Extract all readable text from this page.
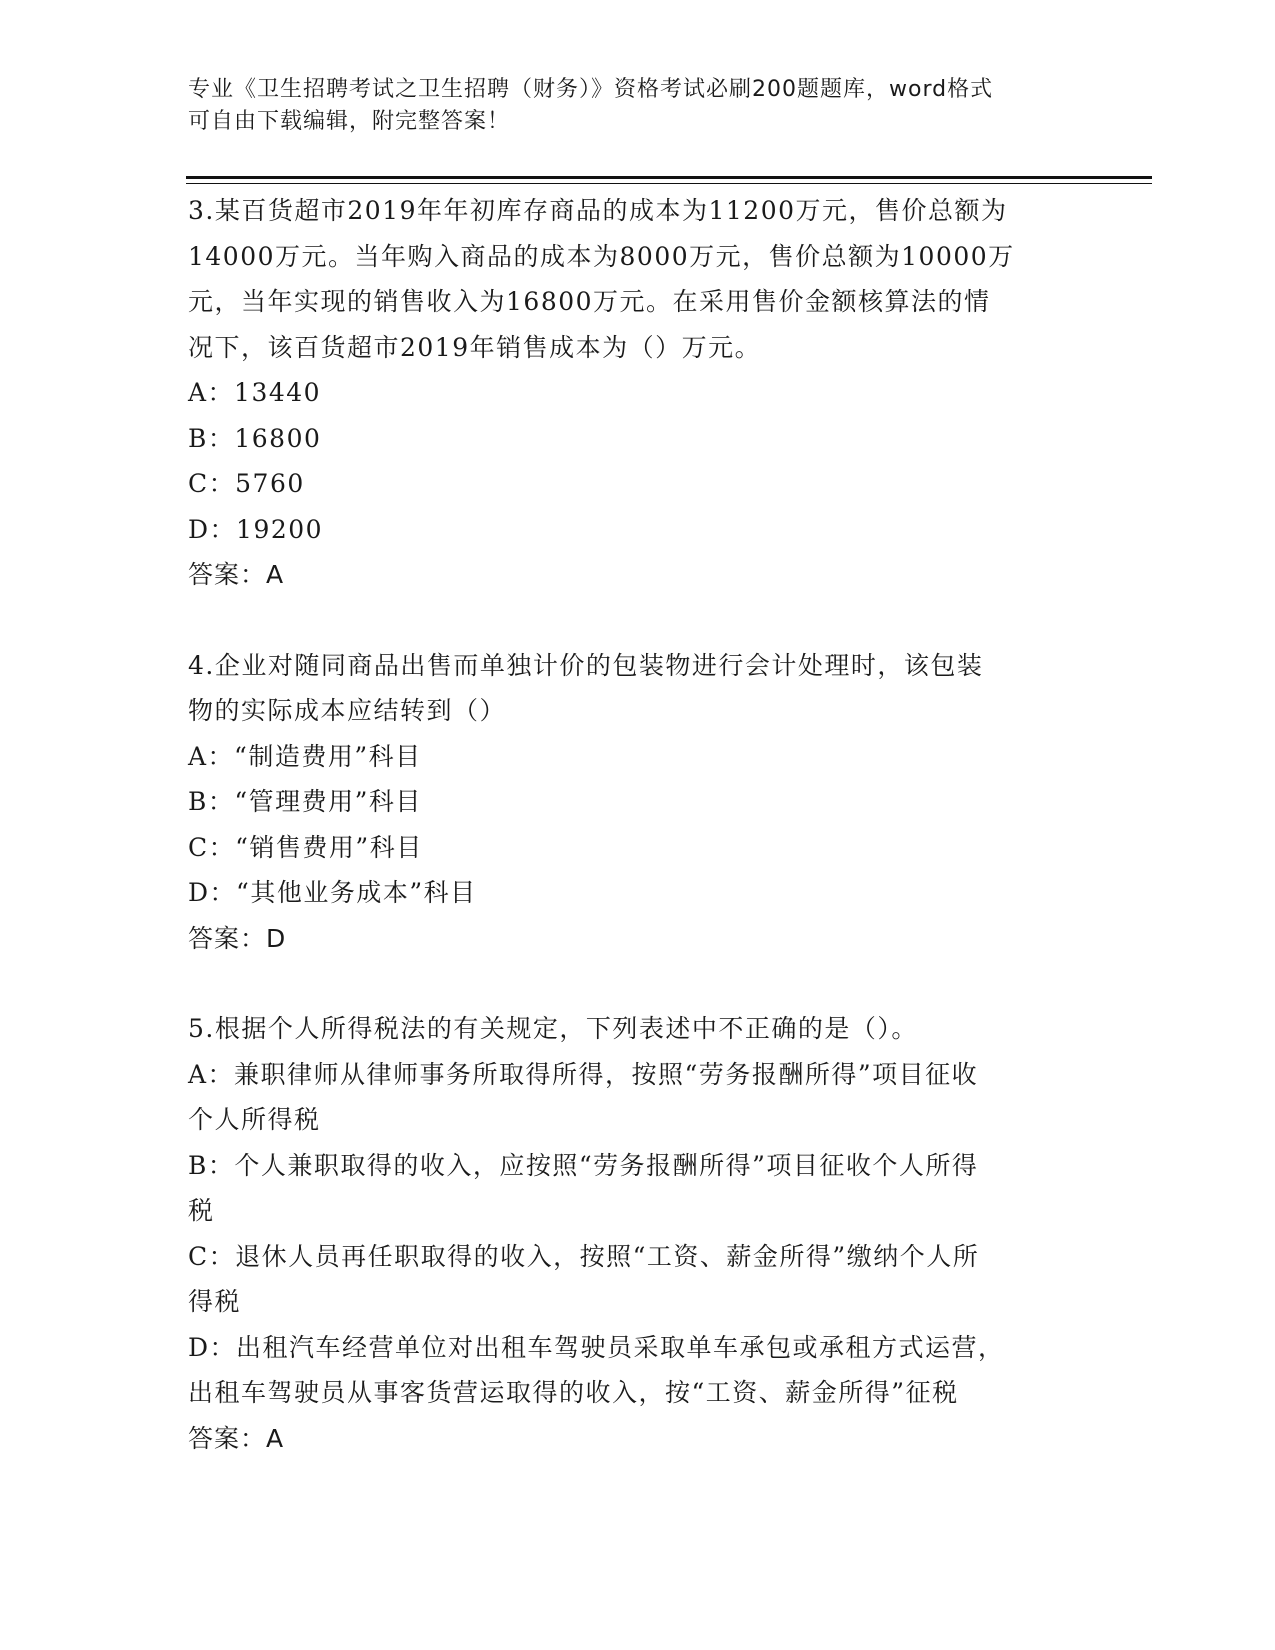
专业《卫生招聘考试之卫生招聘（财务）》资格考试必刷200题题库，word格式
可自由下载编辑，附完整答案！
3.某百货超市2019年年初库存商品的成本为11200万元，售价总额为
14000万元。当年购入商品的成本为8000万元，售价总额为10000万
元，当年实现的销售收入为16800万元。在采用售价金额核算法的情
况下，该百货超市2019年销售成本为（）万元。
A：13440
B：16800
C：5760
D：19200
答案：A
4.企业对随同商品出售而单独计价的包装物进行会计处理时，该包装
物的实际成本应结转到（）
A：“制造费用”科目
B：“管理费用”科目
C：“销售费用”科目
D：“其他业务成本”科目
答案：D
5.根据个人所得税法的有关规定，下列表述中不正确的是（）。
A：兼职律师从律师事务所取得所得，按照“劳务报酬所得”项目征收
个人所得税
B：个人兼职取得的收入，应按照“劳务报酬所得”项目征收个人所得
税
C：退休人员再任职取得的收入，按照“工资、薪金所得”缴纳个人所
得税
D：出租汽车经营单位对出租车驾驶员采取单车承包或承租方式运营，
出租车驾驶员从事客货营运取得的收入，按“工资、薪金所得”征税
答案：A
